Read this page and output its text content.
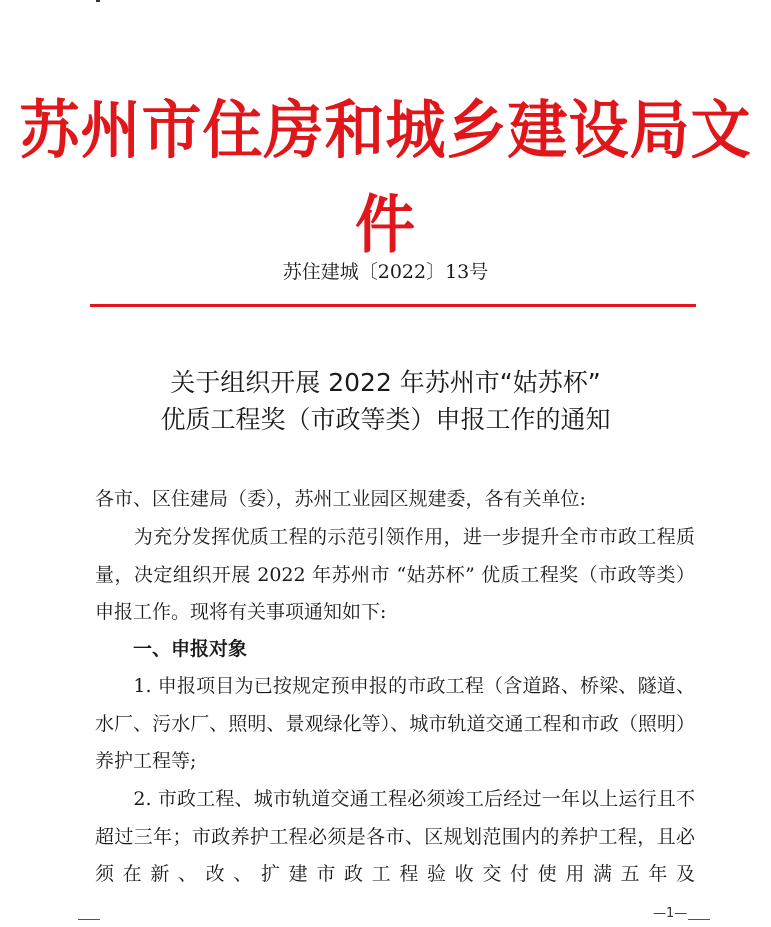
苏州市住房和城乡建设局文件
苏住建城〔2022〕13号
关于组织开展 2022 年苏州市“姑苏杯”
优质工程奖（市政等类）申报工作的通知

各市、区住建局（委），苏州工业园区规建委，各有关单位:

　　为充分发挥优质工程的示范引领作用，进一步提升全市市政工程质量，决定组织开展 2022 年苏州市 “姑苏杯” 优质工程奖（市政等类）申报工作。现将有关事项通知如下:

一、申报对象

　　1. 申报项目为已按规定预申报的市政工程（含道路、桥梁、隧道、水厂、污水厂、照明、景观绿化等）、城市轨道交通工程和市政（照明）养护工程等;

　　2. 市政工程、城市轨道交通工程必须竣工后经过一年以上运行且不超过三年；市政养护工程必须是各市、区规划范围内的养护工程，且必须在新、改、扩建市政工程验收交付使用满五年及

—1—
